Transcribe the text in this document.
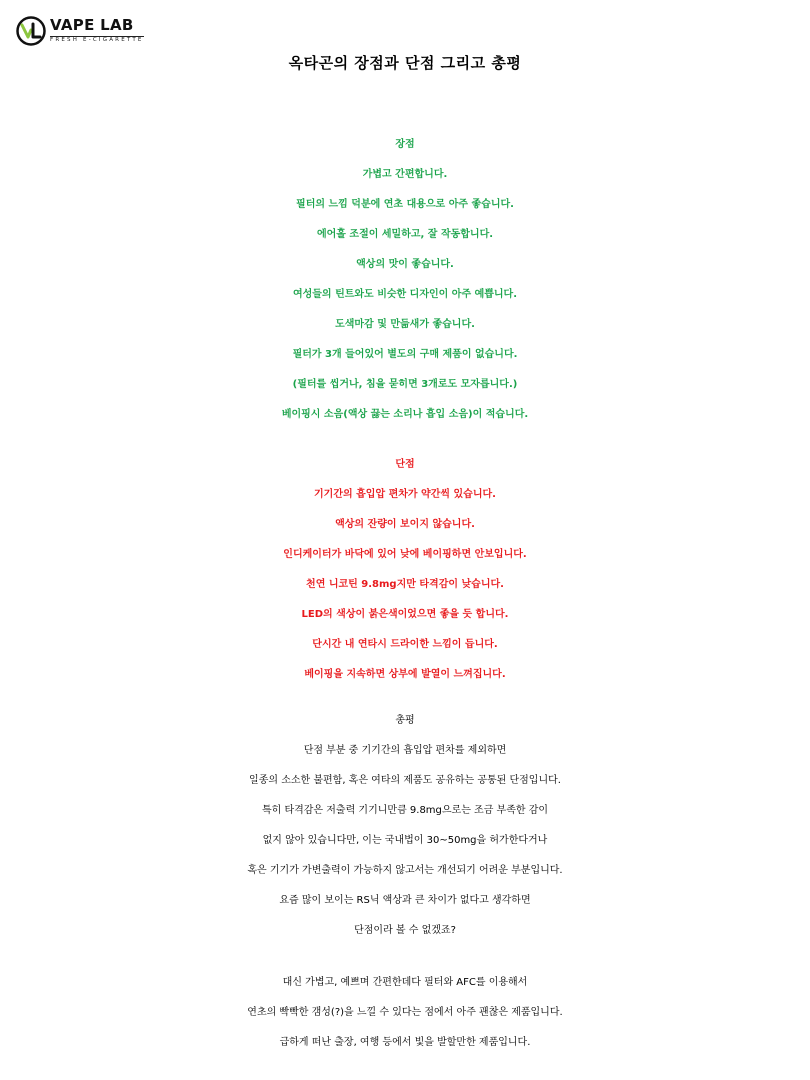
VAPE LAB
FRESH E-CIGARETTE
옥타곤의 장점과 단점 그리고 총평
장점
가볍고 간편합니다.
필터의 느낌 덕분에 연초 대용으로 아주 좋습니다.
에어홀 조절이 세밀하고, 잘 작동합니다.
액상의 맛이 좋습니다.
여성들의 틴트와도 비슷한 디자인이 아주 예쁩니다.
도색마감 및 만듦새가 좋습니다.
필터가 3개 들어있어 별도의 구매 제품이 없습니다.
(필터를 씹거나, 침을 묻히면 3개로도 모자릅니다.)
베이핑시 소음(액상 끓는 소리나 흡입 소음)이 적습니다.
단점
기기간의 흡입압 편차가 약간씩 있습니다.
액상의 잔량이 보이지 않습니다.
인디케이터가 바닥에 있어 낮에 베이핑하면 안보입니다.
천연 니코틴 9.8mg지만 타격감이 낮습니다.
LED의 색상이 붉은색이었으면 좋을 듯 합니다.
단시간 내 연타시 드라이한 느낌이 듭니다.
베이핑을 지속하면 상부에 발열이 느껴집니다.
총평
단점 부분 중 기기간의 흡입압 편차를 제외하면
일종의 소소한 불편함, 혹은 여타의 제품도 공유하는 공통된 단점입니다.
특히 타격감은 저출력 기기니만큼 9.8mg으로는 조금 부족한 감이
없지 않아 있습니다만, 이는 국내법이 30~50mg을 허가한다거나
혹은 기기가 가변출력이 가능하지 않고서는 개선되기 어려운 부분입니다.
요즘 많이 보이는 RS닉 액상과 큰 차이가 없다고 생각하면
단점이라 볼 수 없겠죠?
대신 가볍고, 예쁘며 간편한데다 필터와 AFC를 이용해서
연초의 빡빡한 갬성(?)을 느낄 수 있다는 점에서 아주 괜찮은 제품입니다.
급하게 떠난 출장, 여행 등에서 빛을 발할만한 제품입니다.
